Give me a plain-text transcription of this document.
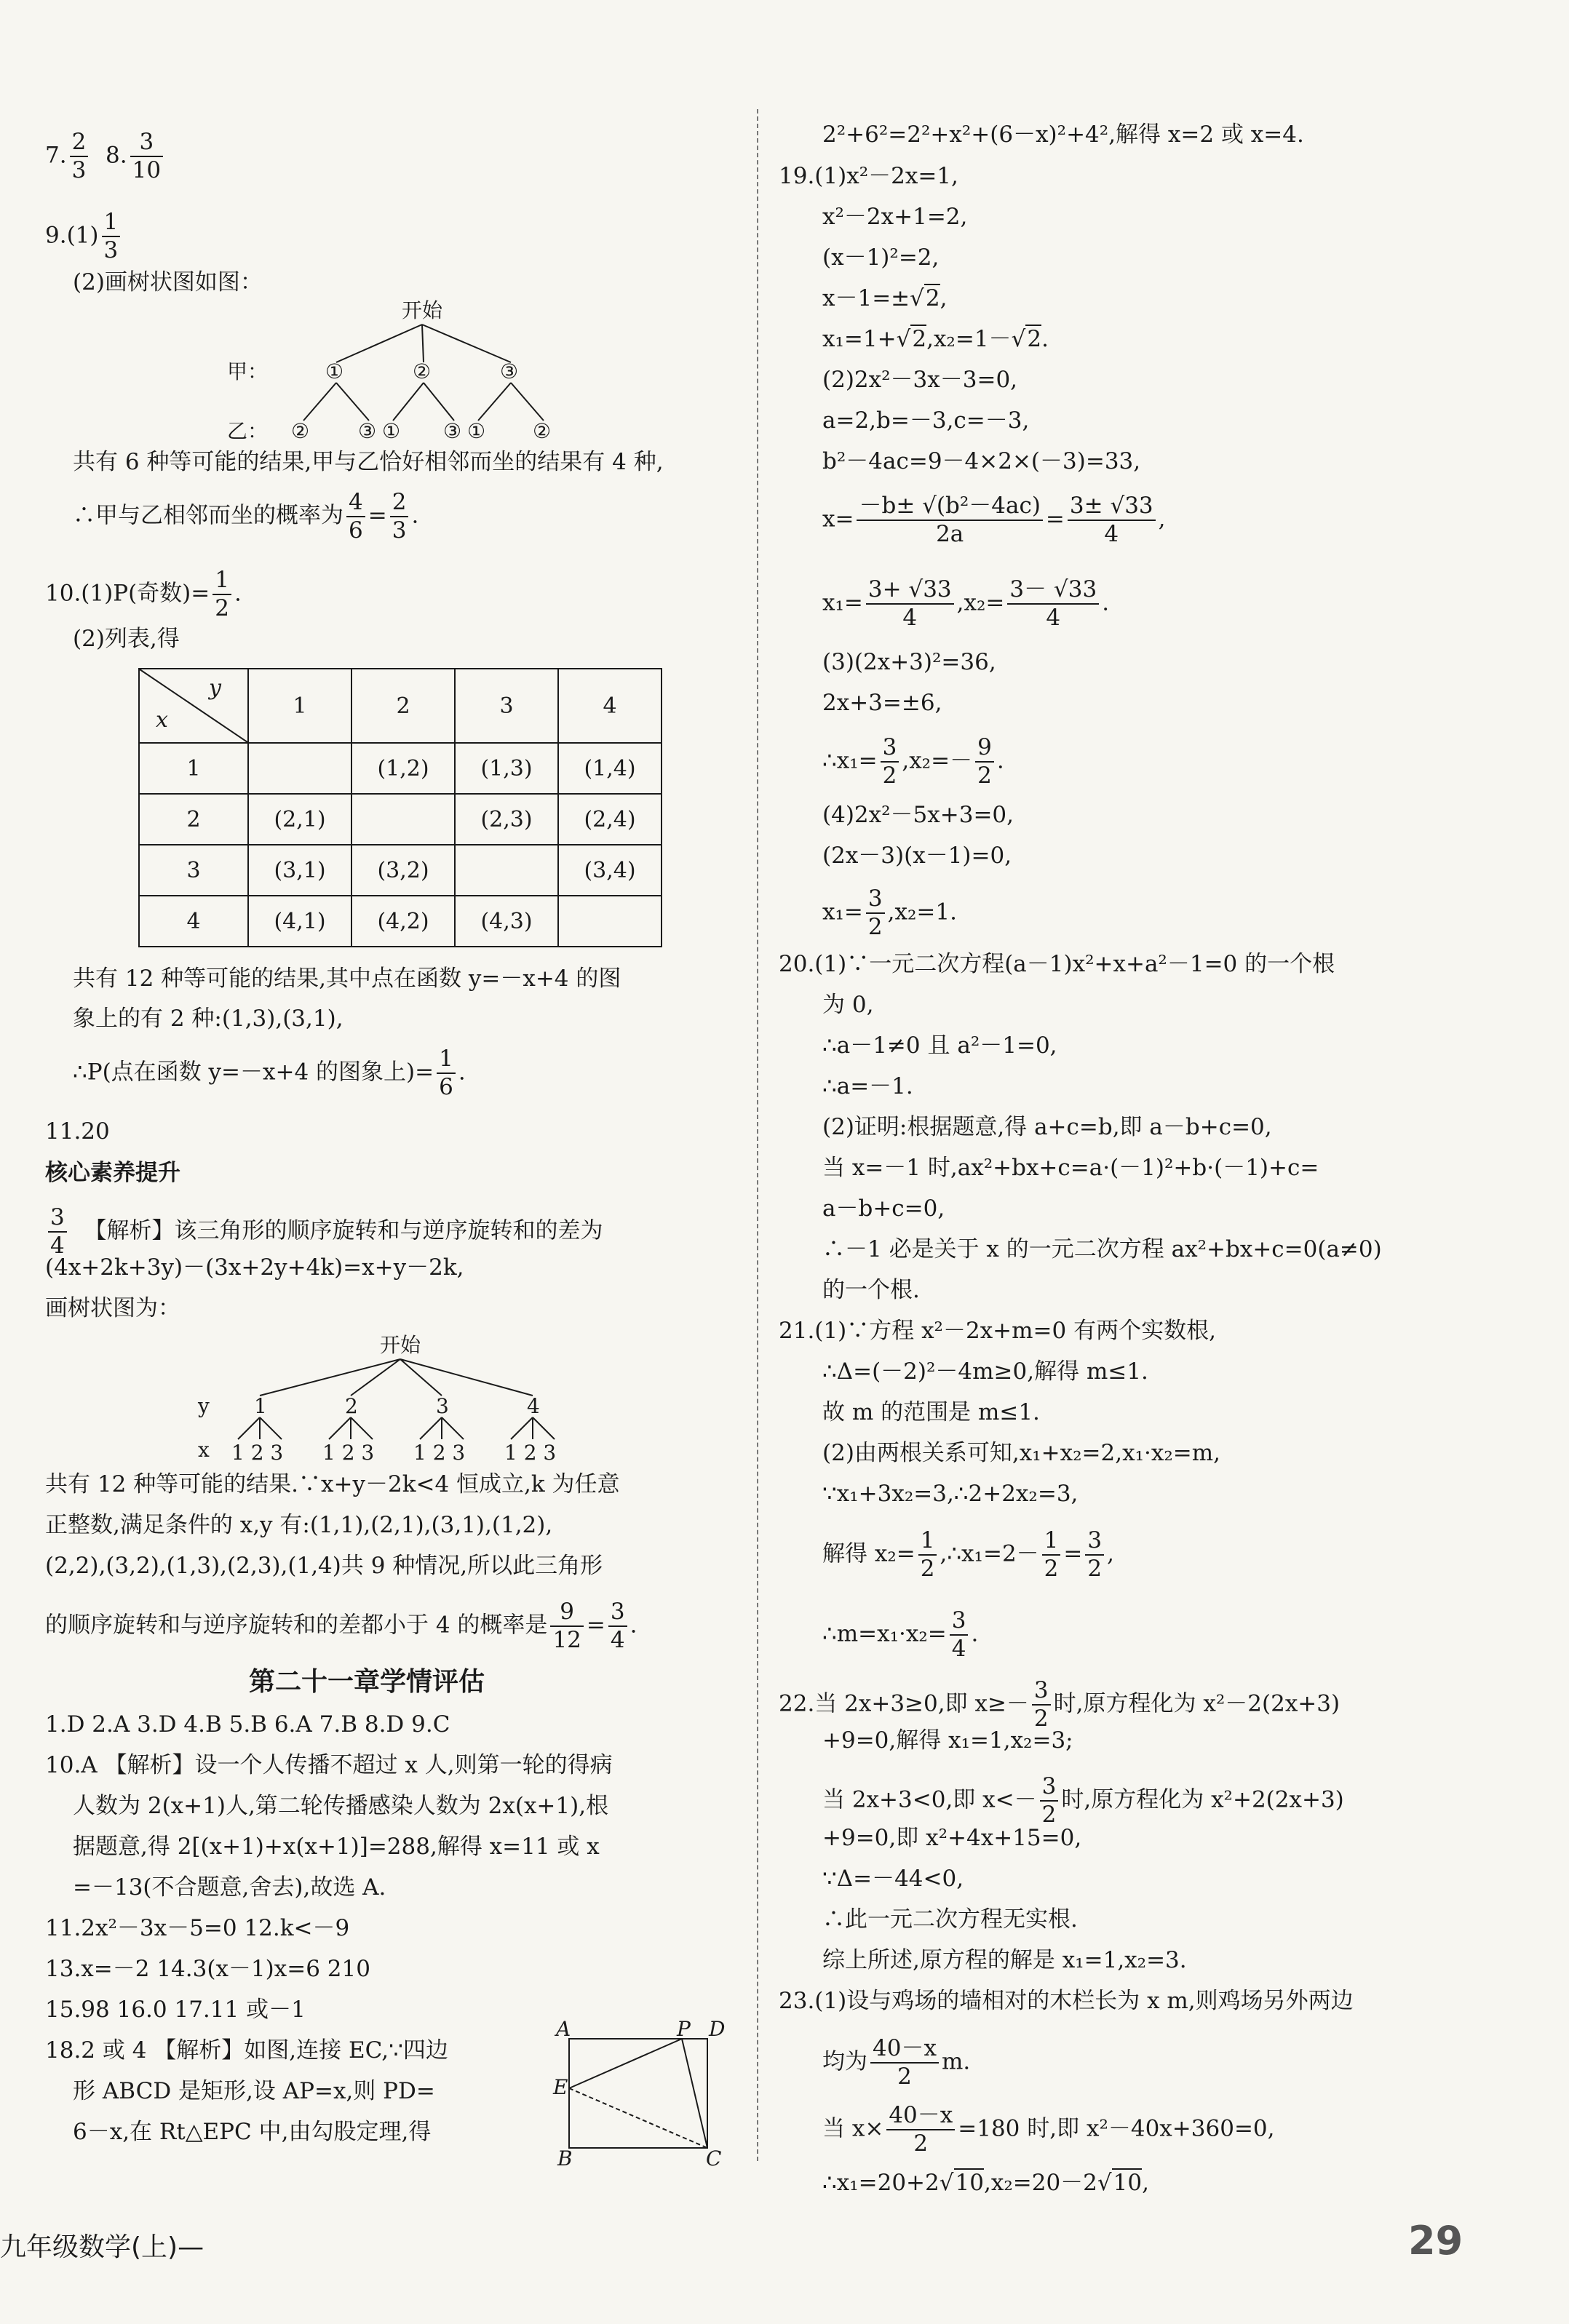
7. $\frac{2}{3} 8$. $\frac{3}{10}$
$9.(1) \frac{1}{3}$
(2)画树状图如图：
开始
甲：
乙：
①	②	③
② ③ ① ③ ① ②
共有 6 种等可能的结果,甲与乙恰好相邻而坐的结果有 4 种,
∴甲与乙相邻而坐的概率为 $\frac{4}{6} = \frac{2}{3}$ .
10.(1)P(奇数)= $\frac{1}{2}$ .
(2)列表,得
y
x	1	2	3	4
1		(1,2)	(1,3)	(1,4)
2	(2,1)		(2,3)	(2,4)
3	(3,1)	(3,2)		(3,4)
4	(4,1)	(4,2)	(4,3)	
共有 12 种等可能的结果,其中点在函数 y=－x+4 的图
象上的有 2 种:(1,3),(3,1),
∴P(点在函数 y=－x+4 的图象上)= $\frac{1}{6}$ .
11.20
核心素养提升
$\frac{3}{4}$ 【解析】该三角形的顺序旋转和与逆序旋转和的差为
(4x+2k+3y)－(3x+2y+4k)=x+y－2k,
画树状图为：
开始
y
x
1	2	3	4
1 2 3 1 2 3 1 2 3 1 2 3
共有 12 种等可能的结果.∵x+y－2k<4 恒成立,k 为任意
正整数,满足条件的 x,y 有:(1,1),(2,1),(3,1),(1,2),
(2,2),(3,2),(1,3),(2,3),(1,4)共 9 种情况,所以此三角形
的顺序旋转和与逆序旋转和的差都小于 4 的概率是 $\frac{9}{12} = \frac{3}{4}$ .
第二十一章学情评估
1.D 2.A 3.D 4.B 5.B 6.A 7.B 8.D 9.C
10.A 【解析】设一个人传播不超过 x 人,则第一轮的得病
人数为 2(x+1)人,第二轮传播感染人数为 2x(x+1),根
据题意,得 2[(x+1)+x(x+1)]=288,解得 x=11 或 x
=－13(不合题意,舍去),故选 A.
11.2x²－3x－5=0 12.k<－9
13.x=－2 14.3(x－1)x=6 210
15.98 16.0 17.11 或－1
18.2 或 4 【解析】如图,连接 EC,∵四边
形 ABCD 是矩形,设 AP=x,则 PD=
6－x,在 Rt△EPC 中,由勾股定理,得
A	P D
E
B	C
2²+6²=2²+x²+(6－x)²+4²,解得 x=2 或 x=4.
19.(1)x²－2x=1,
x²－2x+1=2,
(x－1)²=2,
x－1=±√2,
x₁=1+√2,x₂=1－√2.
(2)2x²－3x－3=0,
a=2,b=－3,c=－3,
b²－4ac=9－4×2×(－3)=33,
$x= \frac{\text{－b± √(b²－4ac)}}{2a} = \frac{3\pm √33}{4}$ ,
$x_1= \frac{3+ √33}{4} ,x_2= \frac{3- √33}{4}$ .
(3)(2x+3)²=36,
2x+3=±6,
∴x₁= $\frac{3}{2} ,x_2=- \frac{9}{2}$ .
(4)2x²－5x+3=0,
(2x－3)(x－1)=0,
$x_1= \frac{3}{2} ,x_2=1$.
20.(1)∵一元二次方程(a－1)x²+x+a²－1=0 的一个根
为 0,
∴a－1≠0 且 a²－1=0,
∴a=－1.
(2)证明:根据题意,得 a+c=b,即 a－b+c=0,
当 x=－1 时,ax²+bx+c=a·(－1)²+b·(－1)+c=
a－b+c=0,
∴－1 必是关于 x 的一元二次方程 ax²+bx+c=0(a≠0)
的一个根.
21.(1)∵方程 x²－2x+m=0 有两个实数根,
∴Δ=(－2)²－4m≥0,解得 m≤1.
故 m 的范围是 m≤1.
(2)由两根关系可知,x₁+x₂=2,x₁·x₂=m,
∵x₁+3x₂=3,∴2+2x₂=3,
解得 $x_2= \frac{1}{2}$ ,∴x₁=2－ $\frac{1}{2} = \frac{3}{2}$ ,
∴m=x₁·x₂= $\frac{3}{4}$ .
22.当 2x+3≥0,即 $x\ge- \frac{3}{2}$ 时,原方程化为 x²－2(2x+3)
+9=0,解得 x₁=1,x₂=3;
当 2x+3<0,即 $x<- \frac{3}{2}$ 时,原方程化为 x²+2(2x+3)
+9=0,即 x²+4x+15=0,
∵Δ=－44<0,
∴此一元二次方程无实根.
综上所述,原方程的解是 x₁=1,x₂=3.
23.(1)设与鸡场的墙相对的木栏长为 x m,则鸡场另外两边
均为 $\frac{40-x}{2} m$.
当 $x\times \frac{40-x}{2} =180$ 时,即 x²－40x+360=0,
∴x₁=20+2√10,x₂=20－2√10,
九年级数学(上)—	29
